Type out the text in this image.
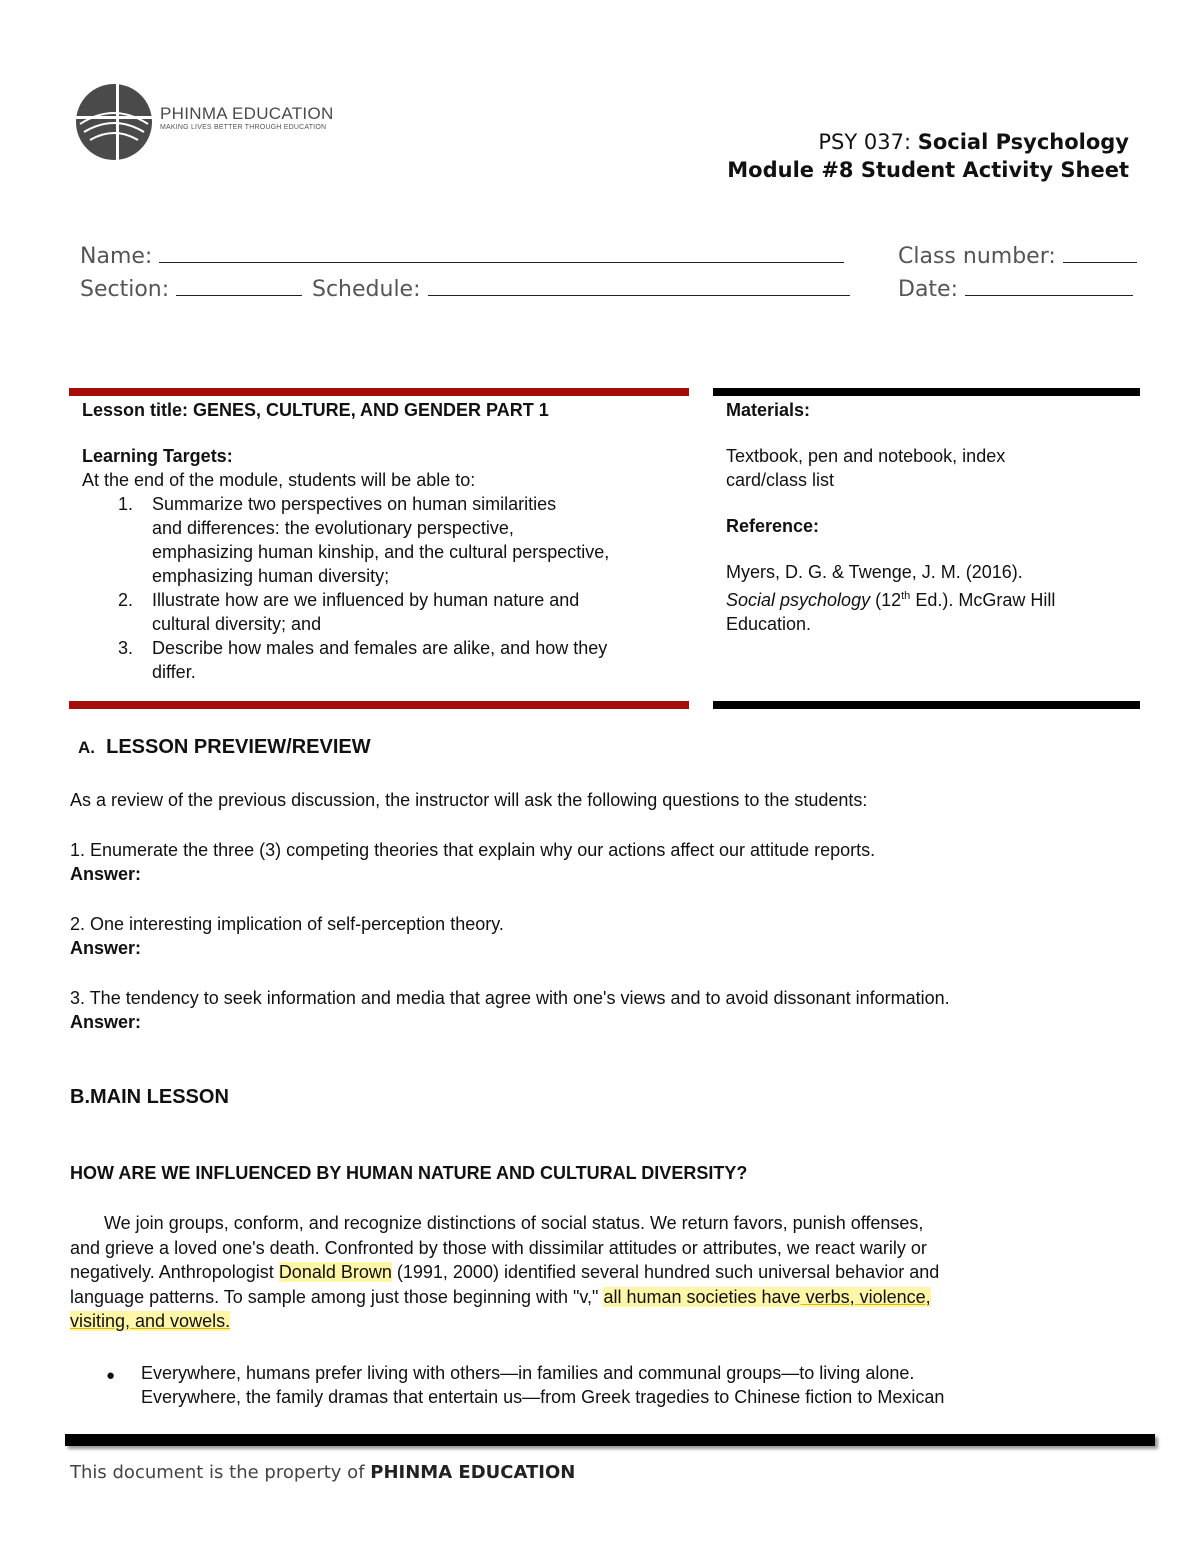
PHINMA EDUCATION
MAKING LIVES BETTER THROUGH EDUCATION
PSY 037: Social Psychology
Module #8 Student Activity Sheet
Name:	Class number:
Section:	Schedule:	Date:
Lesson title: GENES, CULTURE, AND GENDER PART 1
Learning Targets:
At the end of the module, students will be able to:
1. Summarize two perspectives on human similarities
and differences: the evolutionary perspective,
emphasizing human kinship, and the cultural perspective,
emphasizing human diversity;
2. Illustrate how are we influenced by human nature and
cultural diversity; and
3. Describe how males and females are alike, and how they
differ.
Materials:
Textbook, pen and notebook, index
card/class list
Reference:
Myers, D. G. & Twenge, J. M. (2016).
Social psychology (12th Ed.). McGraw Hill
Education.
A. LESSON PREVIEW/REVIEW
As a review of the previous discussion, the instructor will ask the following questions to the students:
1. Enumerate the three (3) competing theories that explain why our actions affect our attitude reports.
Answer:
2. One interesting implication of self-perception theory.
Answer:
3. The tendency to seek information and media that agree with one's views and to avoid dissonant information.
Answer:
B.MAIN LESSON
HOW ARE WE INFLUENCED BY HUMAN NATURE AND CULTURAL DIVERSITY?
We join groups, conform, and recognize distinctions of social status. We return favors, punish offenses,
and grieve a loved one's death. Confronted by those with dissimilar attitudes or attributes, we react warily or
negatively. Anthropologist Donald Brown (1991, 2000) identified several hundred such universal behavior and
language patterns. To sample among just those beginning with "v," all human societies have verbs, violence,
visiting, and vowels.
● Everywhere, humans prefer living with others—in families and communal groups—to living alone.
Everywhere, the family dramas that entertain us—from Greek tragedies to Chinese fiction to Mexican
This document is the property of PHINMA EDUCATION
